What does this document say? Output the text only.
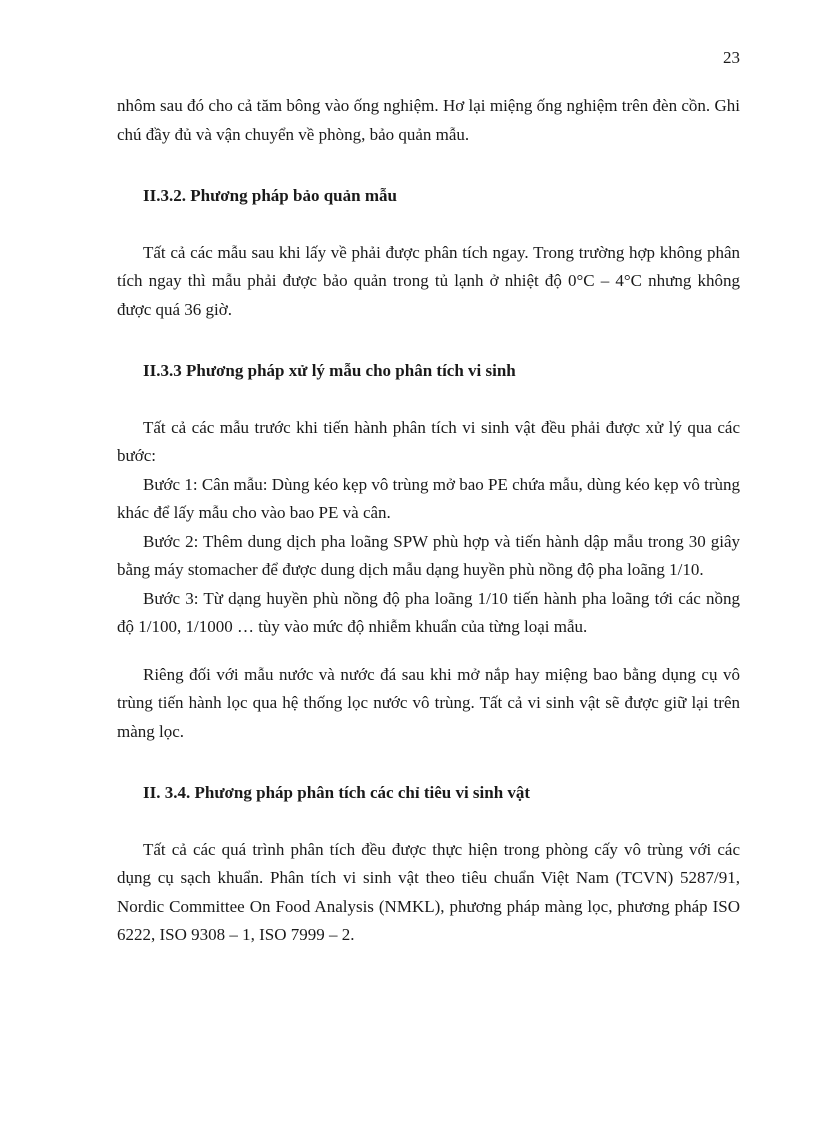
23

nhôm sau đó cho cả tăm bông vào ống nghiệm. Hơ lại miệng ống nghiệm trên đèn cồn. Ghi chú đầy đủ và vận chuyển về phòng, bảo quản mẫu.

II.3.2. Phương pháp bảo quản mẫu

Tất cả các mẫu sau khi lấy về phải được phân tích ngay. Trong trường hợp không phân tích ngay thì mẫu phải được bảo quản trong tủ lạnh ở nhiệt độ 0°C – 4°C nhưng không được quá 36 giờ.

II.3.3 Phương pháp xử lý mẫu cho phân tích vi sinh

Tất cả các mẫu trước khi tiến hành phân tích vi sinh vật đều phải được xử lý qua các bước:

Bước 1: Cân mẫu: Dùng kéo kẹp vô trùng mở bao PE chứa mẫu, dùng kéo kẹp vô trùng khác để lấy mẫu cho vào bao PE và cân.

Bước 2: Thêm dung dịch pha loãng SPW phù hợp và tiến hành dập mẫu trong 30 giây bằng máy stomacher để được dung dịch mẫu dạng huyền phù nồng độ pha loãng 1/10.

Bước 3: Từ dạng huyền phù nồng độ pha loãng 1/10 tiến hành pha loãng tới các nồng độ 1/100, 1/1000 … tùy vào mức độ nhiễm khuẩn của từng loại mẫu.

Riêng đối với mẫu nước và nước đá sau khi mở nắp hay miệng bao bằng dụng cụ vô trùng tiến hành lọc qua hệ thống lọc nước vô trùng. Tất cả vi sinh vật sẽ được giữ lại trên màng lọc.

II. 3.4. Phương pháp phân tích các chỉ tiêu vi sinh vật

Tất cả các quá trình phân tích đều được thực hiện trong phòng cấy vô trùng với các dụng cụ sạch khuẩn. Phân tích vi sinh vật theo tiêu chuẩn Việt Nam (TCVN) 5287/91, Nordic Committee On Food Analysis (NMKL), phương pháp màng lọc, phương pháp ISO 6222, ISO 9308 – 1, ISO 7999 – 2.
